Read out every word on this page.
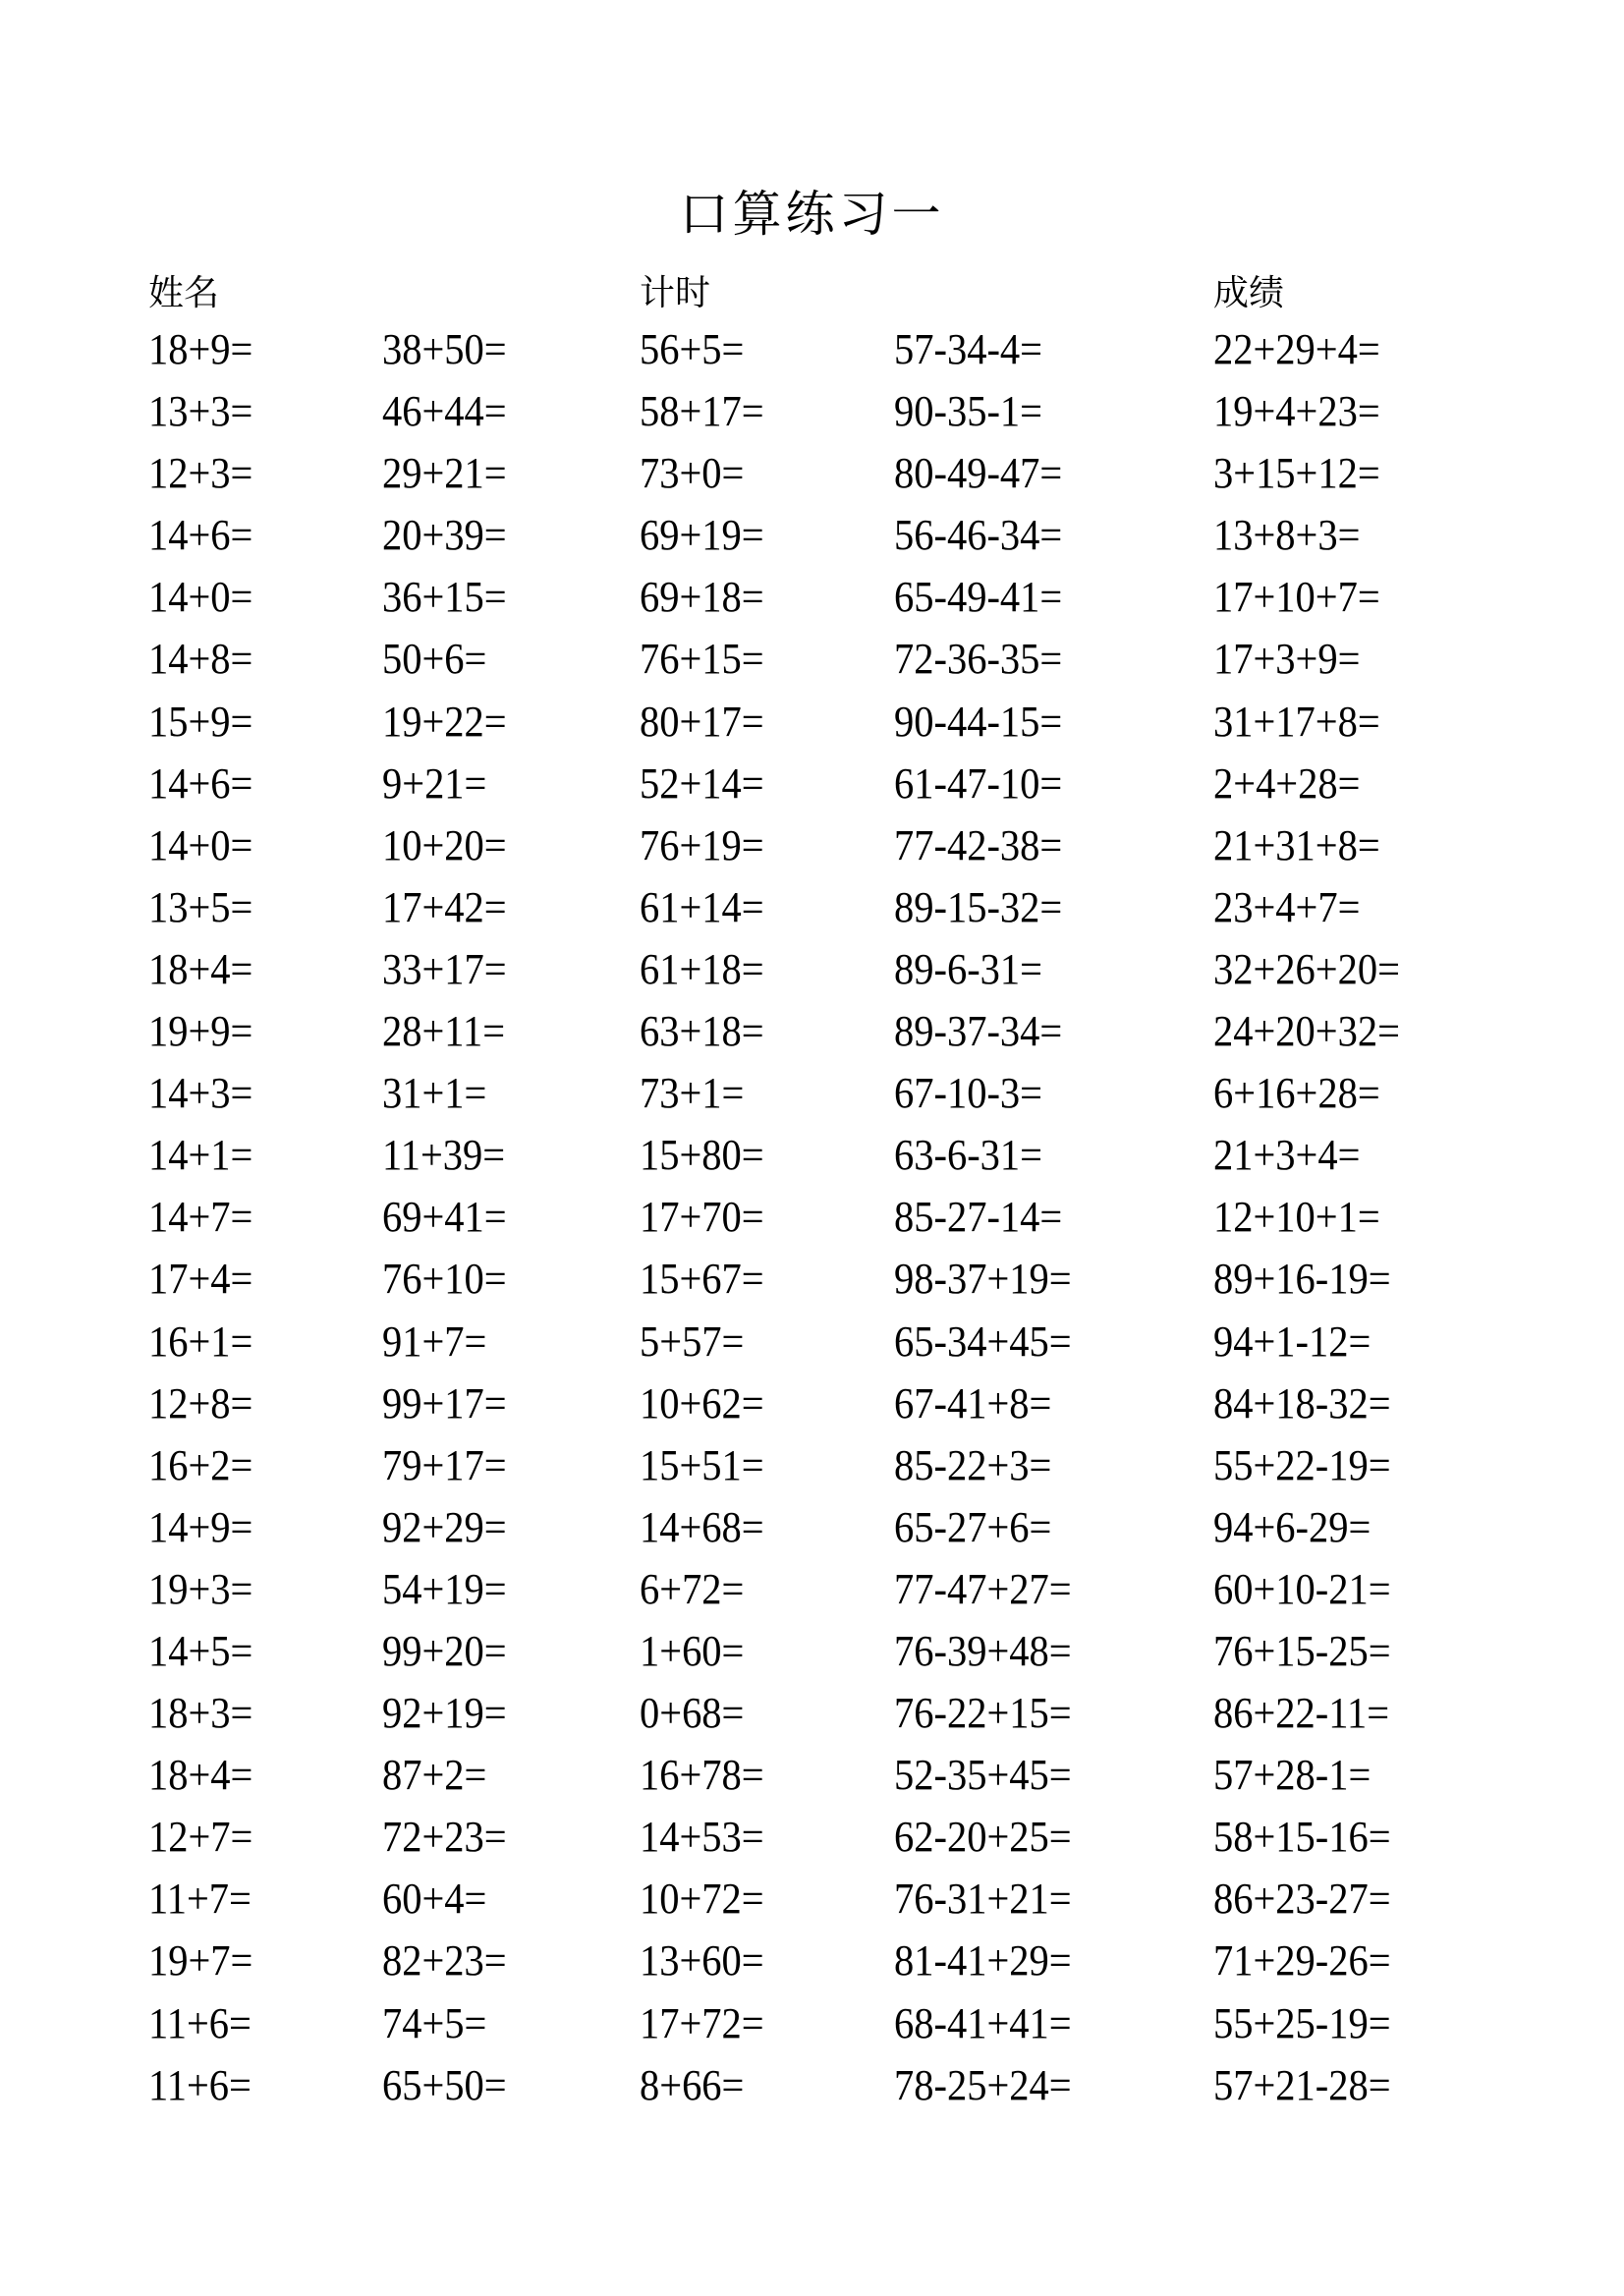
口算练习一
姓名	计时	成绩
18+9=	38+50=	56+5=	57-34-4=	22+29+4=
13+3=	46+44=	58+17=	90-35-1=	19+4+23=
12+3=	29+21=	73+0=	80-49-47=	3+15+12=
14+6=	20+39=	69+19=	56-46-34=	13+8+3=
14+0=	36+15=	69+18=	65-49-41=	17+10+7=
14+8=	50+6=	76+15=	72-36-35=	17+3+9=
15+9=	19+22=	80+17=	90-44-15=	31+17+8=
14+6=	9+21=	52+14=	61-47-10=	2+4+28=
14+0=	10+20=	76+19=	77-42-38=	21+31+8=
13+5=	17+42=	61+14=	89-15-32=	23+4+7=
18+4=	33+17=	61+18=	89-6-31=	32+26+20=
19+9=	28+11=	63+18=	89-37-34=	24+20+32=
14+3=	31+1=	73+1=	67-10-3=	6+16+28=
14+1=	11+39=	15+80=	63-6-31=	21+3+4=
14+7=	69+41=	17+70=	85-27-14=	12+10+1=
17+4=	76+10=	15+67=	98-37+19=	89+16-19=
16+1=	91+7=	5+57=	65-34+45=	94+1-12=
12+8=	99+17=	10+62=	67-41+8=	84+18-32=
16+2=	79+17=	15+51=	85-22+3=	55+22-19=
14+9=	92+29=	14+68=	65-27+6=	94+6-29=
19+3=	54+19=	6+72=	77-47+27=	60+10-21=
14+5=	99+20=	1+60=	76-39+48=	76+15-25=
18+3=	92+19=	0+68=	76-22+15=	86+22-11=
18+4=	87+2=	16+78=	52-35+45=	57+28-1=
12+7=	72+23=	14+53=	62-20+25=	58+15-16=
11+7=	60+4=	10+72=	76-31+21=	86+23-27=
19+7=	82+23=	13+60=	81-41+29=	71+29-26=
11+6=	74+5=	17+72=	68-41+41=	55+25-19=
11+6=	65+50=	8+66=	78-25+24=	57+21-28=
